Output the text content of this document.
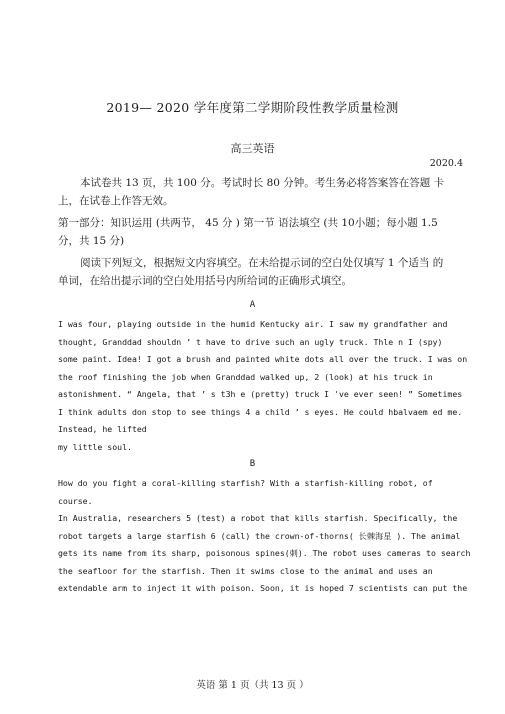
2019— 2020 学年度第二学期阶段性教学质量检测
高三英语
2020.4
本试卷共 13 页，共 100 分。考试时长 80 分钟。考生务必将答案答在答题 卡
上，在试卷上作答无效。
第一部分：知识运用 (共两节， 45 分 ) 第一节 语法填空 (共 10小题；每小题 1.5
分，共 15 分)
阅读下列短文，根据短文内容填空。在未给提示词的空白处仅填写 1 个适当 的
单词，在给出提示词的空白处用括号内所给词的正确形式填空。
A
I was four, playing outside in the humid Kentucky air. I saw my grandfather and
thought, Granddad shouldn ’ t have to drive such an ugly truck. Thle n I (spy)
some paint. Idea! I got a brush and painted white dots all over the truck. I was on
the roof finishing the job when Granddad walked up, 2 (look) at his truck in
astonishment. “ Angela, that ’ s t3h e (pretty) truck I 've ever seen! ” Sometimes
I think adults don stop to see things 4 a child ’ s eyes. He could hbalvaem ed me.
Instead, he lifted
my little soul.
B
How do you fight a coral-killing starfish? With a starfish-killing robot, of
course.
In Australia, researchers 5 (test) a robot that kills starfish. Specifically, the
robot targets a large starfish 6 (call) the crown-of-thorns( 长棘海星 ). The animal
gets its name from its sharp, poisonous spines(刺). The robot uses cameras to search
the seafloor for the starfish. Then it swims close to the animal and uses an
extendable arm to inject it with poison. Soon, it is hoped 7 scientists can put the
英语 第 1 页（共 13 页 ）
